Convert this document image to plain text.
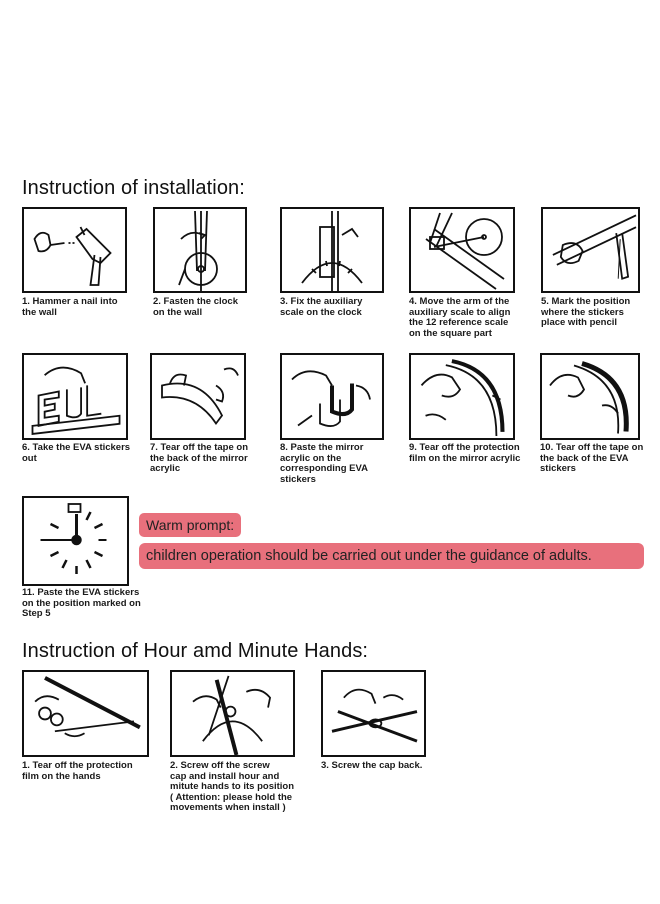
Instruction of installation:
1. Hammer a nail into
the wall
2. Fasten the clock
on the wall
3. Fix the auxiliary
scale on the clock
4. Move the arm of the
auxiliary scale to align
the 12 reference scale
on the square part
5. Mark the position
where the stickers
place with pencil
6. Take the EVA stickers
out
7. Tear off the tape on
the back of the mirror
acrylic
8. Paste the mirror
acrylic on the
corresponding EVA
stickers
9. Tear off the protection
film on the mirror acrylic
10. Tear off the tape on
the back of the EVA
stickers
11. Paste the EVA stickers
on the position marked on
Step 5
Warm prompt:
children operation should be carried out under the guidance of adults.
Instruction of Hour amd Minute Hands:
1. Tear off the protection
film on the hands
2. Screw off the screw
cap and install hour and
mitute hands to its position
( Attention: please hold the
movements when install )
3. Screw the cap back.
